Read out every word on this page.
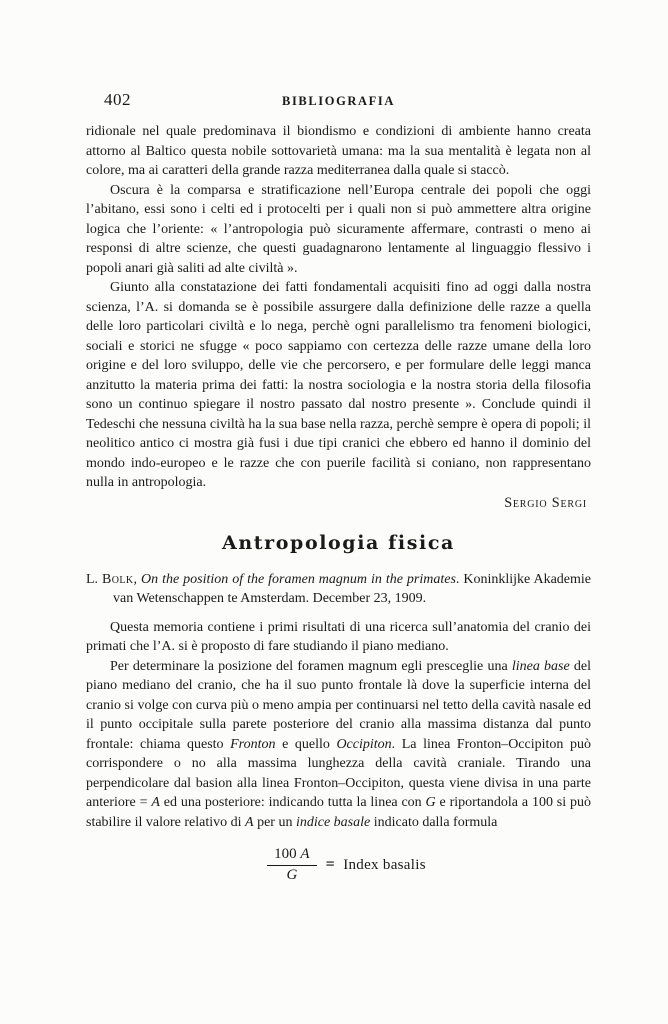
402	BIBLIOGRAFIA

ridionale nel quale predominava il biondismo e condizioni di ambiente hanno creata attorno al Baltico questa nobile sottovarietà umana: ma la sua mentalità è legata non al colore, ma ai caratteri della grande razza mediterranea dalla quale si staccò.

Oscura è la comparsa e stratificazione nell’Europa centrale dei popoli che oggi l’abitano, essi sono i celti ed i protocelti per i quali non si può ammettere altra origine logica che l’oriente: « l’antropologia può sicuramente affermare, contrasti o meno ai responsi di altre scienze, che questi guadagnarono lentamente al linguaggio flessivo i popoli anari già saliti ad alte civiltà ».

Giunto alla constatazione dei fatti fondamentali acquisiti fino ad oggi dalla nostra scienza, l’A. si domanda se è possibile assurgere dalla definizione delle razze a quella delle loro particolari civiltà e lo nega, perchè ogni parallelismo tra fenomeni biologici, sociali e storici ne sfugge « poco sappiamo con certezza delle razze umane della loro origine e del loro sviluppo, delle vie che percorsero, e per formulare delle leggi manca anzitutto la materia prima dei fatti: la nostra sociologia e la nostra storia della filosofia sono un continuo spiegare il nostro passato dal nostro presente ». Conclude quindi il Tedeschi che nessuna civiltà ha la sua base nella razza, perchè sempre è opera di popoli; il neolitico antico ci mostra già fusi i due tipi cranici che ebbero ed hanno il dominio del mondo indo-europeo e le razze che con puerile facilità si coniano, non rappresentano nulla in antropologia.

Sergio Sergi

Antropologia fisica

L. Bolk, On the position of the foramen magnum in the primates. Koninklijke Akademie van Wetenschappen te Amsterdam. December 23, 1909.

Questa memoria contiene i primi risultati di una ricerca sull’anatomia del cranio dei primati che l’A. si è proposto di fare studiando il piano mediano.

Per determinare la posizione del foramen magnum egli presceglie una linea base del piano mediano del cranio, che ha il suo punto frontale là dove la superficie interna del cranio si volge con curva più o meno ampia per continuarsi nel tetto della cavità nasale ed il punto occipitale sulla parete posteriore del cranio alla massima distanza dal punto frontale: chiama questo Fronton e quello Occipiton. La linea Fronton–Occipiton può corrispondere o no alla massima lunghezza della cavità craniale. Tirando una perpendicolare dal basion alla linea Fronton–Occipiton, questa viene divisa in una parte anteriore = A ed una posteriore: indicando tutta la linea con G e riportandola a 100 si può stabilire il valore relativo di A per un indice basale indicato dalla formula

$\frac{100 A}{G}$ = Index basalis
